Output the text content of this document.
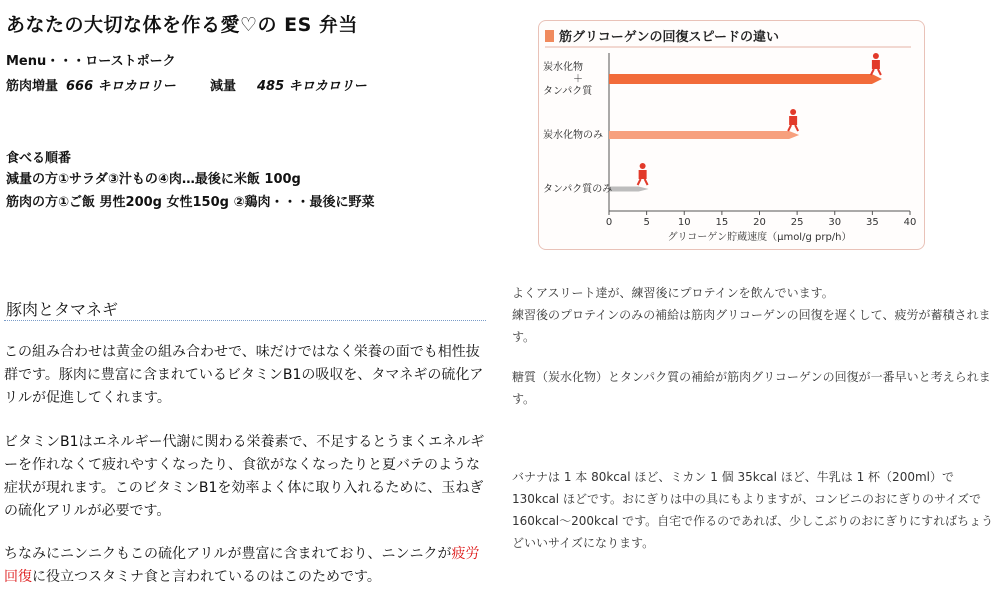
あなたの大切な体を作る愛♡の ES 弁当
Menu・・・ローストポーク
筋肉増量 666 キロカロリー	減量 485 キロカロリー
食べる順番
減量の方①サラダ③汁もの④肉…最後に米飯 100g
筋肉の方①ご飯 男性200g 女性150g ②鶏肉・・・最後に野菜
豚肉とタマネギ
この組み合わせは黄金の組み合わせで、味だけではなく栄養の面でも相性抜群です。豚肉に豊富に含まれているビタミンB1の吸収を、タマネギの硫化アリルが促進してくれます。
ビタミンB1はエネルギー代謝に関わる栄養素で、不足するとうまくエネルギーを作れなくて疲れやすくなったり、食欲がなくなったりと夏バテのような症状が現れます。このビタミンB1を効率よく体に取り入れるために、玉ねぎの硫化アリルが必要です。
ちなみにニンニクもこの硫化アリルが豊富に含まれており、ニンニクが疲労回復に役立つスタミナ食と言われているのはこのためです。
筋グリコーゲンの回復スピードの違い
0	5	10 15 20 25 30 35 40
グリコーゲン貯蔵速度（μmol/g prp/h）
炭水化物
＋
タンパク質
炭水化物のみ
タンパク質のみ
よくアスリート達が、練習後にプロテインを飲んでいます。
練習後のプロテインのみの補給は筋肉グリコーゲンの回復を遅くして、疲労が蓄積されます。
糖質（炭水化物）とタンパク質の補給が筋肉グリコーゲンの回復が一番早いと考えられます。
バナナは 1 本 80kcal ほど、ミカン 1 個 35kcal ほど、牛乳は 1 杯（200ml）で 130kcal ほどです。おにぎりは中の具にもよりますが、コンビニのおにぎりのサイズで 160kcal～200kcal です。自宅で作るのであれば、少しこぶりのおにぎりにすればちょうどいいサイズになります。
